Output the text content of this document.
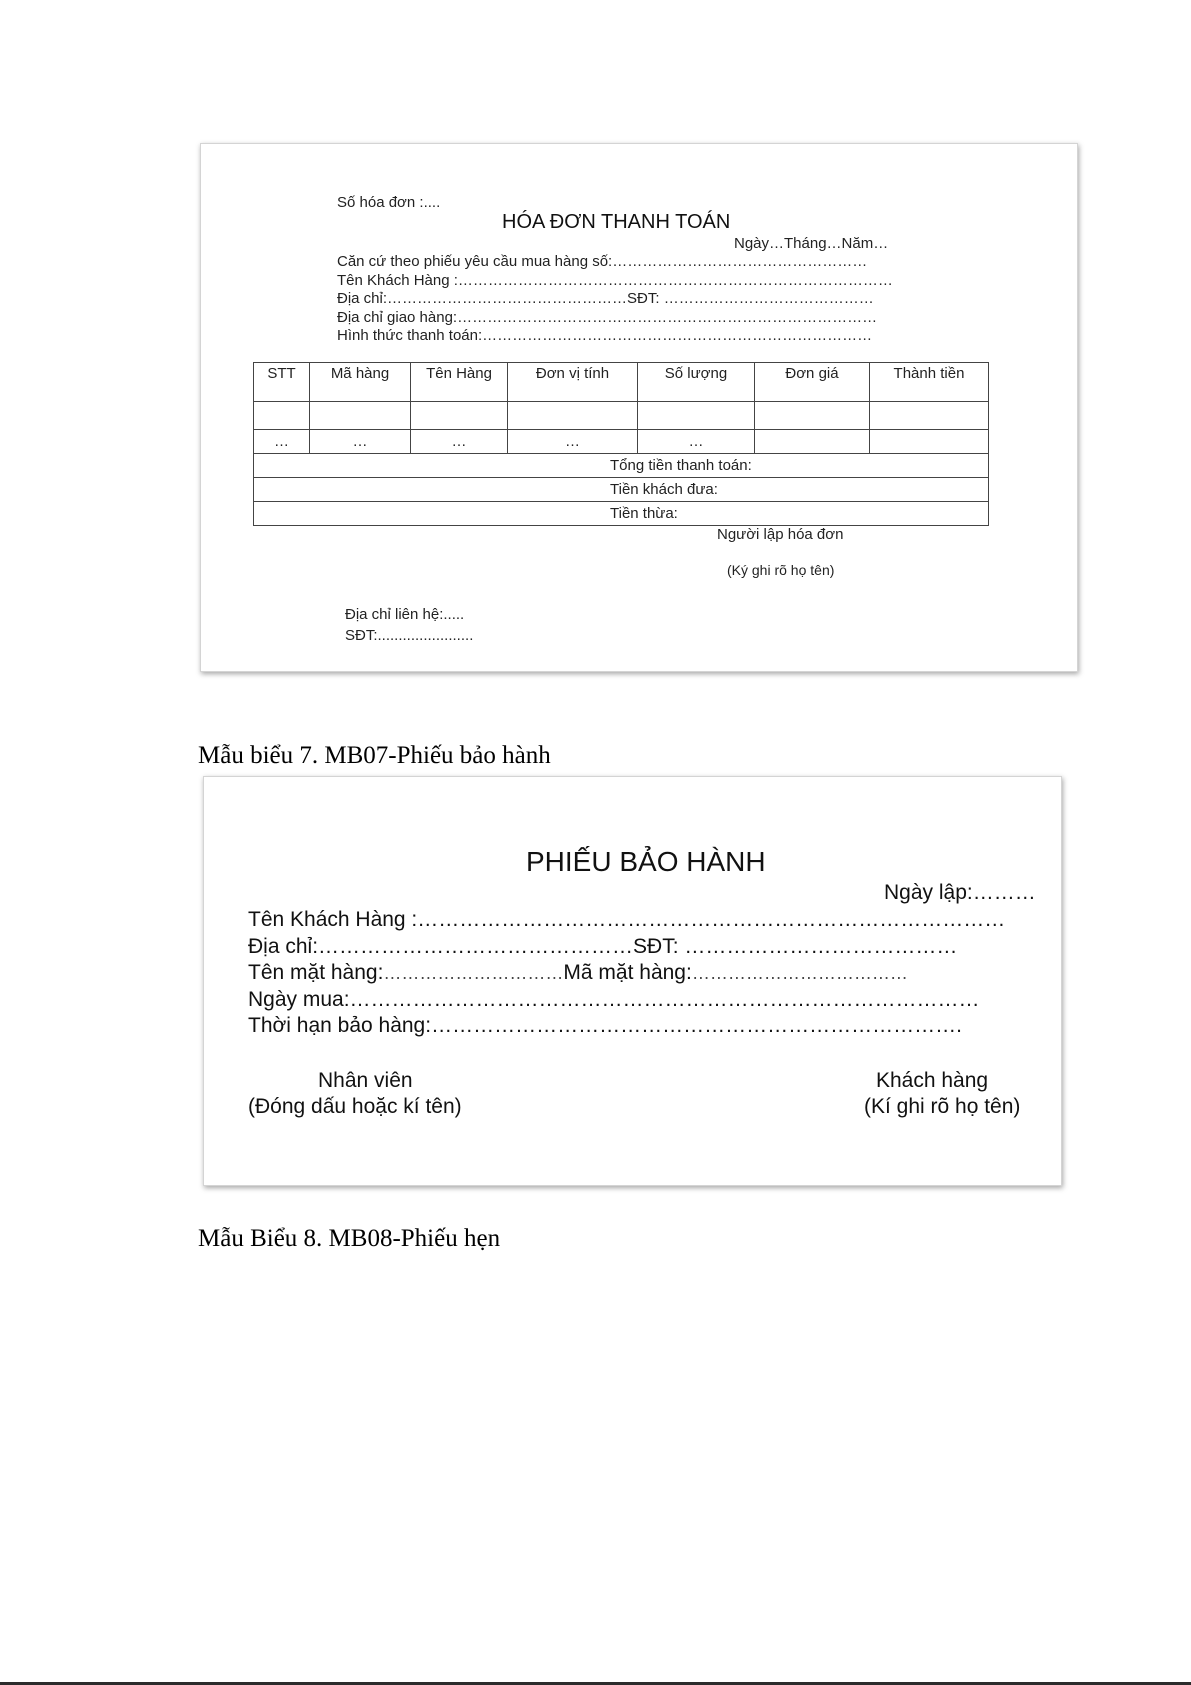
Số hóa đơn :....
HÓA ĐƠN THANH TOÁN
Ngày…Tháng…Năm…
Căn cứ theo phiếu yêu cầu mua hàng số:……………………………………………
Tên Khách Hàng :……………………………………………………………………………
Địa chỉ:…………………………………………SĐT: ……………………………………
Địa chỉ giao hàng:…………………………………………………………………………
Hình thức thanh toán:……………………………………………………………………
STT	Mã hàng	Tên Hàng	Đơn vị tính	Số lượng	Đơn giá	Thành tiền

…	…	…	…	…		
Tổng tiền thanh toán:						
Tiền khách đưa:						
Tiền thừa:						
Người lập hóa đơn
(Ký ghi rõ họ tên)
Địa chỉ liên hệ:.....
SĐT:.......................
Mẫu biểu 7. MB07-Phiếu bảo hành
PHIẾU BẢO HÀNH
Ngày lập:………
Tên Khách Hàng :…………………………………………………………………………
Địa chỉ:………………………………………SĐT: …………………………………
Tên mặt hàng:…………………………Mã mặt hàng:………………………………
Ngày mua:………………………………………………………………………………
Thời hạn bảo hàng:………………………………………………………………….
Nhân viên
(Đóng dấu hoặc kí tên)
Khách hàng
(Kí ghi rõ họ tên)
Mẫu Biểu 8. MB08-Phiếu hẹn
